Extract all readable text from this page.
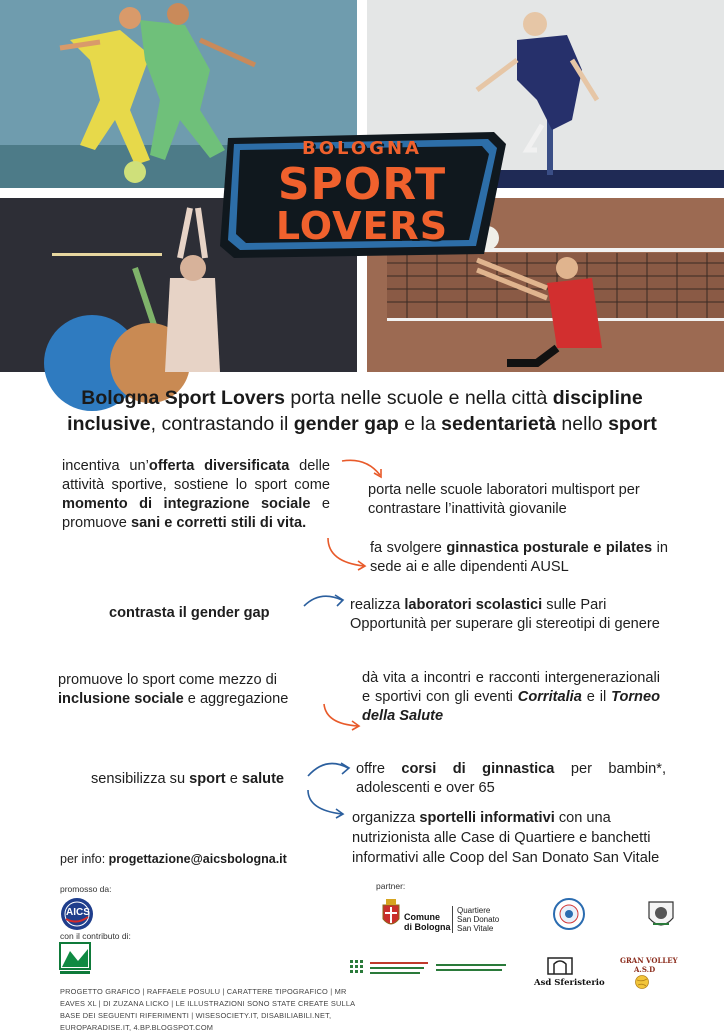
BOLOGNA
SPORT
LOVERS
Bologna Sport Lovers porta nelle scuole e nella città discipline inclusive, contrastando il gender gap e la sedentarietà nello sport
incentiva un’offerta diversificata delle attività sportive, sostiene lo sport come momento di integrazione sociale e promuove sani e corretti stili di vita.
contrasta il gender gap
promuove lo sport come mezzo di inclusione sociale e aggregazione
sensibilizza su sport e salute
porta nelle scuole laboratori multisport per contrastare l’inattività giovanile
fa svolgere ginnastica posturale e pilates in sede ai e alle dipendenti AUSL
realizza laboratori scolastici sulle Pari Opportunità per superare gli stereotipi di genere
dà vita a incontri e racconti intergenerazionali e sportivi con gli eventi Corritalia e il Torneo della Salute
offre corsi di ginnastica per bambin*, adolescenti e over 65
organizza sportelli informativi con una nutrizionista alle Case di Quartiere e banchetti informativi alle Coop del San Donato San Vitale
per info: progettazione@aicsbologna.it
promosso da:
AICS
con il contributo di:
PROGETTO GRAFICO | RAFFAELE POSULU | CARATTERE TIPOGRAFICO | MR EAVES XL | DI ZUZANA LICKO | LE ILLUSTRAZIONI SONO STATE CREATE SULLA BASE DEI SEGUENTI RIFERIMENTI | WISESOCIETY.IT, DISABILIABILI.NET, EUROPARADISE.IT, 4.BP.BLOGSPOT.COM
partner:
Comune
di Bologna
Quartiere
San Donato
San Vitale
Asd Sferisterio
GRAN VOLLEY
A.S.D
